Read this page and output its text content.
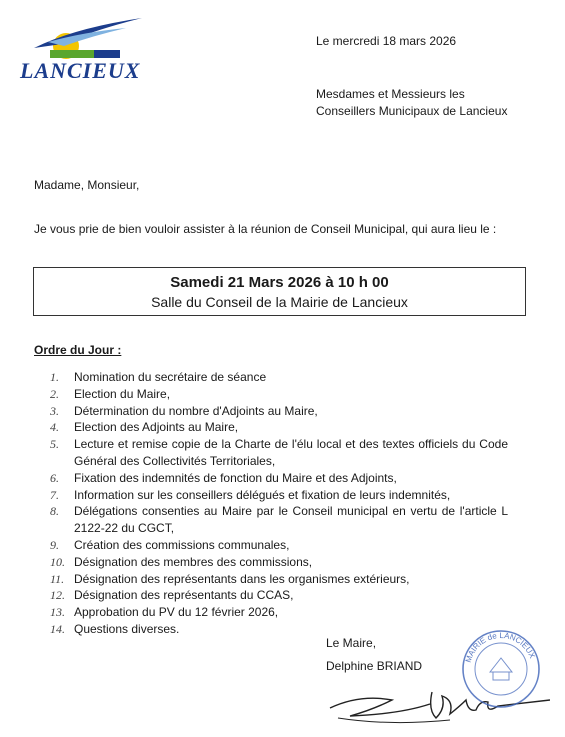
LANCIEUX
Le mercredi 18 mars 2026
Mesdames et Messieurs les
Conseillers Municipaux de Lancieux
Madame, Monsieur,
Je vous prie de bien vouloir assister à la réunion de Conseil Municipal, qui aura lieu le :
Samedi 21 Mars 2026 à 10 h 00
Salle du Conseil de la Mairie de Lancieux
Ordre du Jour :
1. Nomination du secrétaire de séance
2. Election du Maire,
3. Détermination du nombre d'Adjoints au Maire,
4. Election des Adjoints au Maire,
5. Lecture et remise copie de la Charte de l'élu local et des textes officiels du Code Général des Collectivités Territoriales,
6. Fixation des indemnités de fonction du Maire et des Adjoints,
7. Information sur les conseillers délégués et fixation de leurs indemnités,
8. Délégations consenties au Maire par le Conseil municipal en vertu de l'article L 2122-22 du CGCT,
9. Création des commissions communales,
10. Désignation des membres des commissions,
11. Désignation des représentants dans les organismes extérieurs,
12. Désignation des représentants du CCAS,
13. Approbation du PV du 12 février 2026,
14. Questions diverses.
Le Maire,
Delphine BRIAND	MAIRIE de LANCIEUX
